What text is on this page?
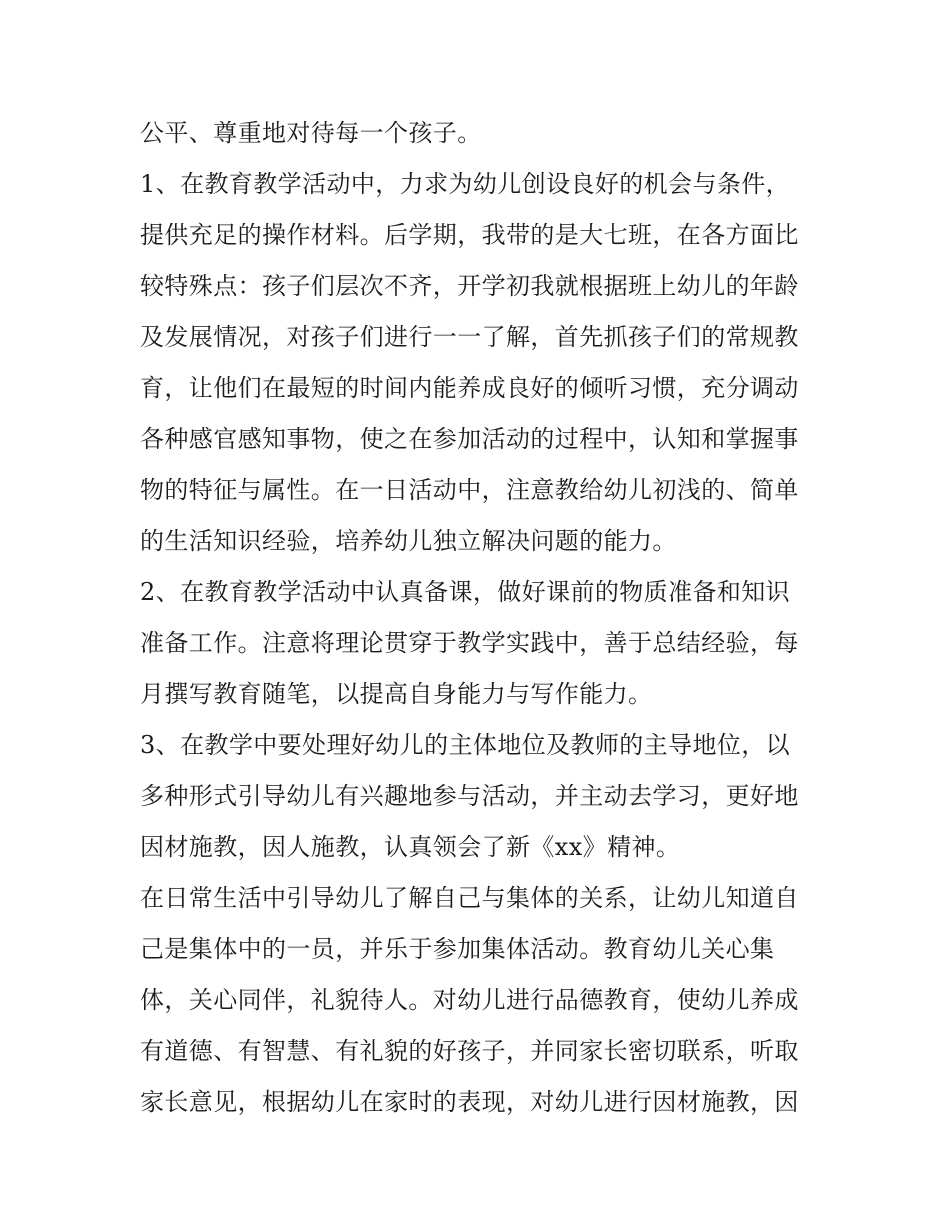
公平、尊重地对待每一个孩子。
1、在教育教学活动中，力求为幼儿创设良好的机会与条件，
提供充足的操作材料。后学期，我带的是大七班，在各方面比
较特殊点：孩子们层次不齐，开学初我就根据班上幼儿的年龄
及发展情况，对孩子们进行一一了解，首先抓孩子们的常规教
育，让他们在最短的时间内能养成良好的倾听习惯，充分调动
各种感官感知事物，使之在参加活动的过程中，认知和掌握事
物的特征与属性。在一日活动中，注意教给幼儿初浅的、简单
的生活知识经验，培养幼儿独立解决问题的能力。
2、在教育教学活动中认真备课，做好课前的物质准备和知识
准备工作。注意将理论贯穿于教学实践中，善于总结经验，每
月撰写教育随笔，以提高自身能力与写作能力。
3、在教学中要处理好幼儿的主体地位及教师的主导地位，以
多种形式引导幼儿有兴趣地参与活动，并主动去学习，更好地
因材施教，因人施教，认真领会了新《xx》精神。
在日常生活中引导幼儿了解自己与集体的关系，让幼儿知道自
己是集体中的一员，并乐于参加集体活动。教育幼儿关心集
体，关心同伴，礼貌待人。对幼儿进行品德教育，使幼儿养成
有道德、有智慧、有礼貌的好孩子，并同家长密切联系，听取
家长意见，根据幼儿在家时的表现，对幼儿进行因材施教，因
